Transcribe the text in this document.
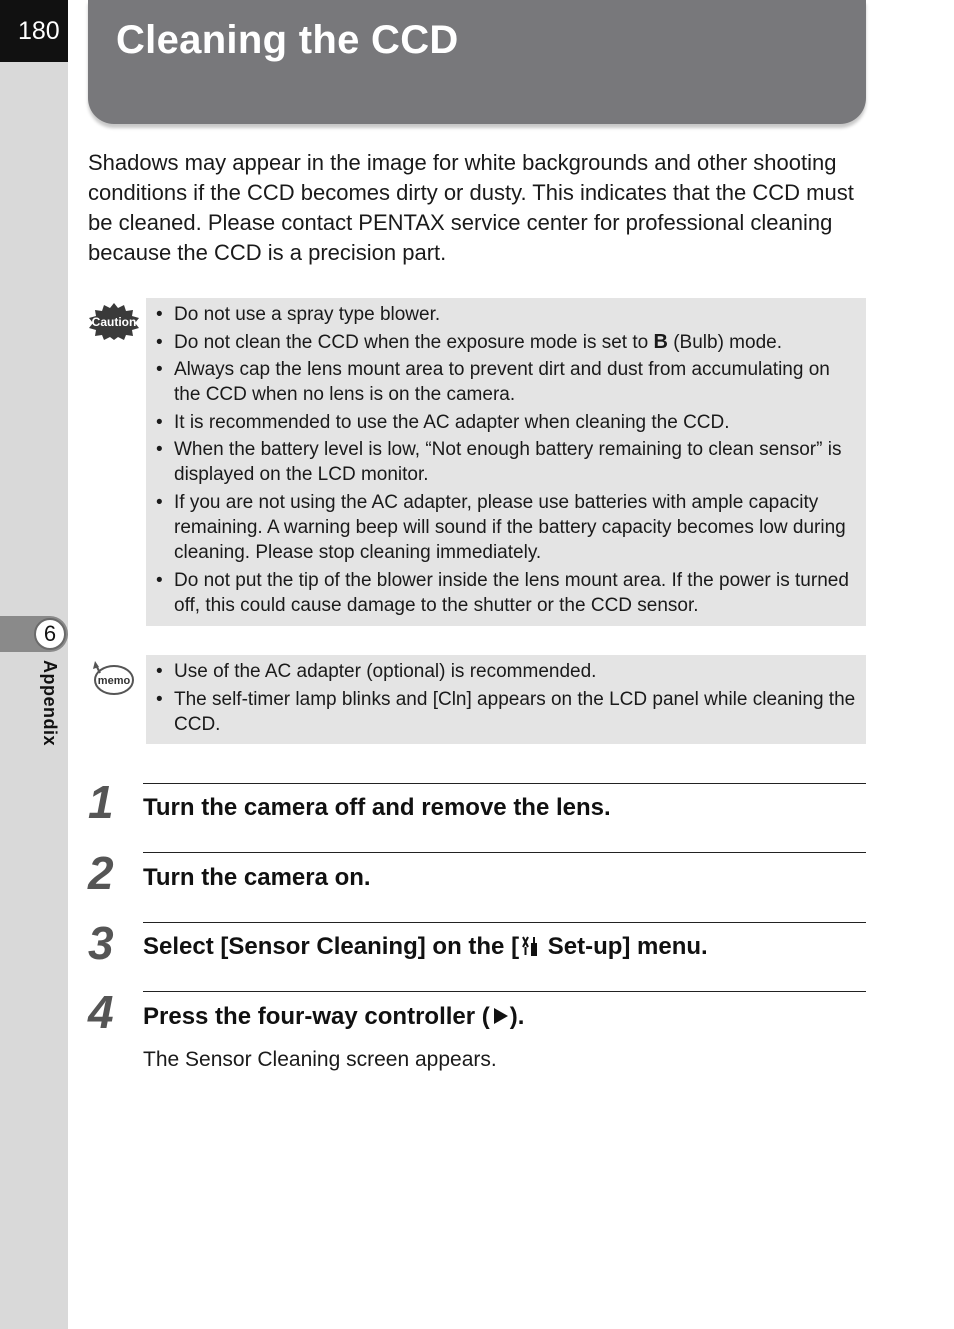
180
6
Appendix
Cleaning the CCD

Shadows may appear in the image for white backgrounds and other shooting conditions if the CCD becomes dirty or dusty. This indicates that the CCD must be cleaned. Please contact PENTAX service center for professional cleaning because the CCD is a precision part.

Caution • Do not use a spray type blower.
• Do not clean the CCD when the exposure mode is set to B (Bulb) mode.
• Always cap the lens mount area to prevent dirt and dust from accumulating on the CCD when no lens is on the camera.
• It is recommended to use the AC adapter when cleaning the CCD.
• When the battery level is low, “Not enough battery remaining to clean sensor” is displayed on the LCD monitor.
• If you are not using the AC adapter, please use batteries with ample capacity remaining. A warning beep will sound if the battery capacity becomes low during cleaning. Please stop cleaning immediately.
• Do not put the tip of the blower inside the lens mount area. If the power is turned off, this could cause damage to the shutter or the CCD sensor.
memo • Use of the AC adapter (optional) is recommended.
• The self-timer lamp blinks and [Cln] appears on the LCD panel while cleaning the CCD.
1 Turn the camera off and remove the lens.
2 Turn the camera on.
3 Select [Sensor Cleaning] on the [ Set-up] menu.
4 Press the four-way controller ( ).

The Sensor Cleaning screen appears.
